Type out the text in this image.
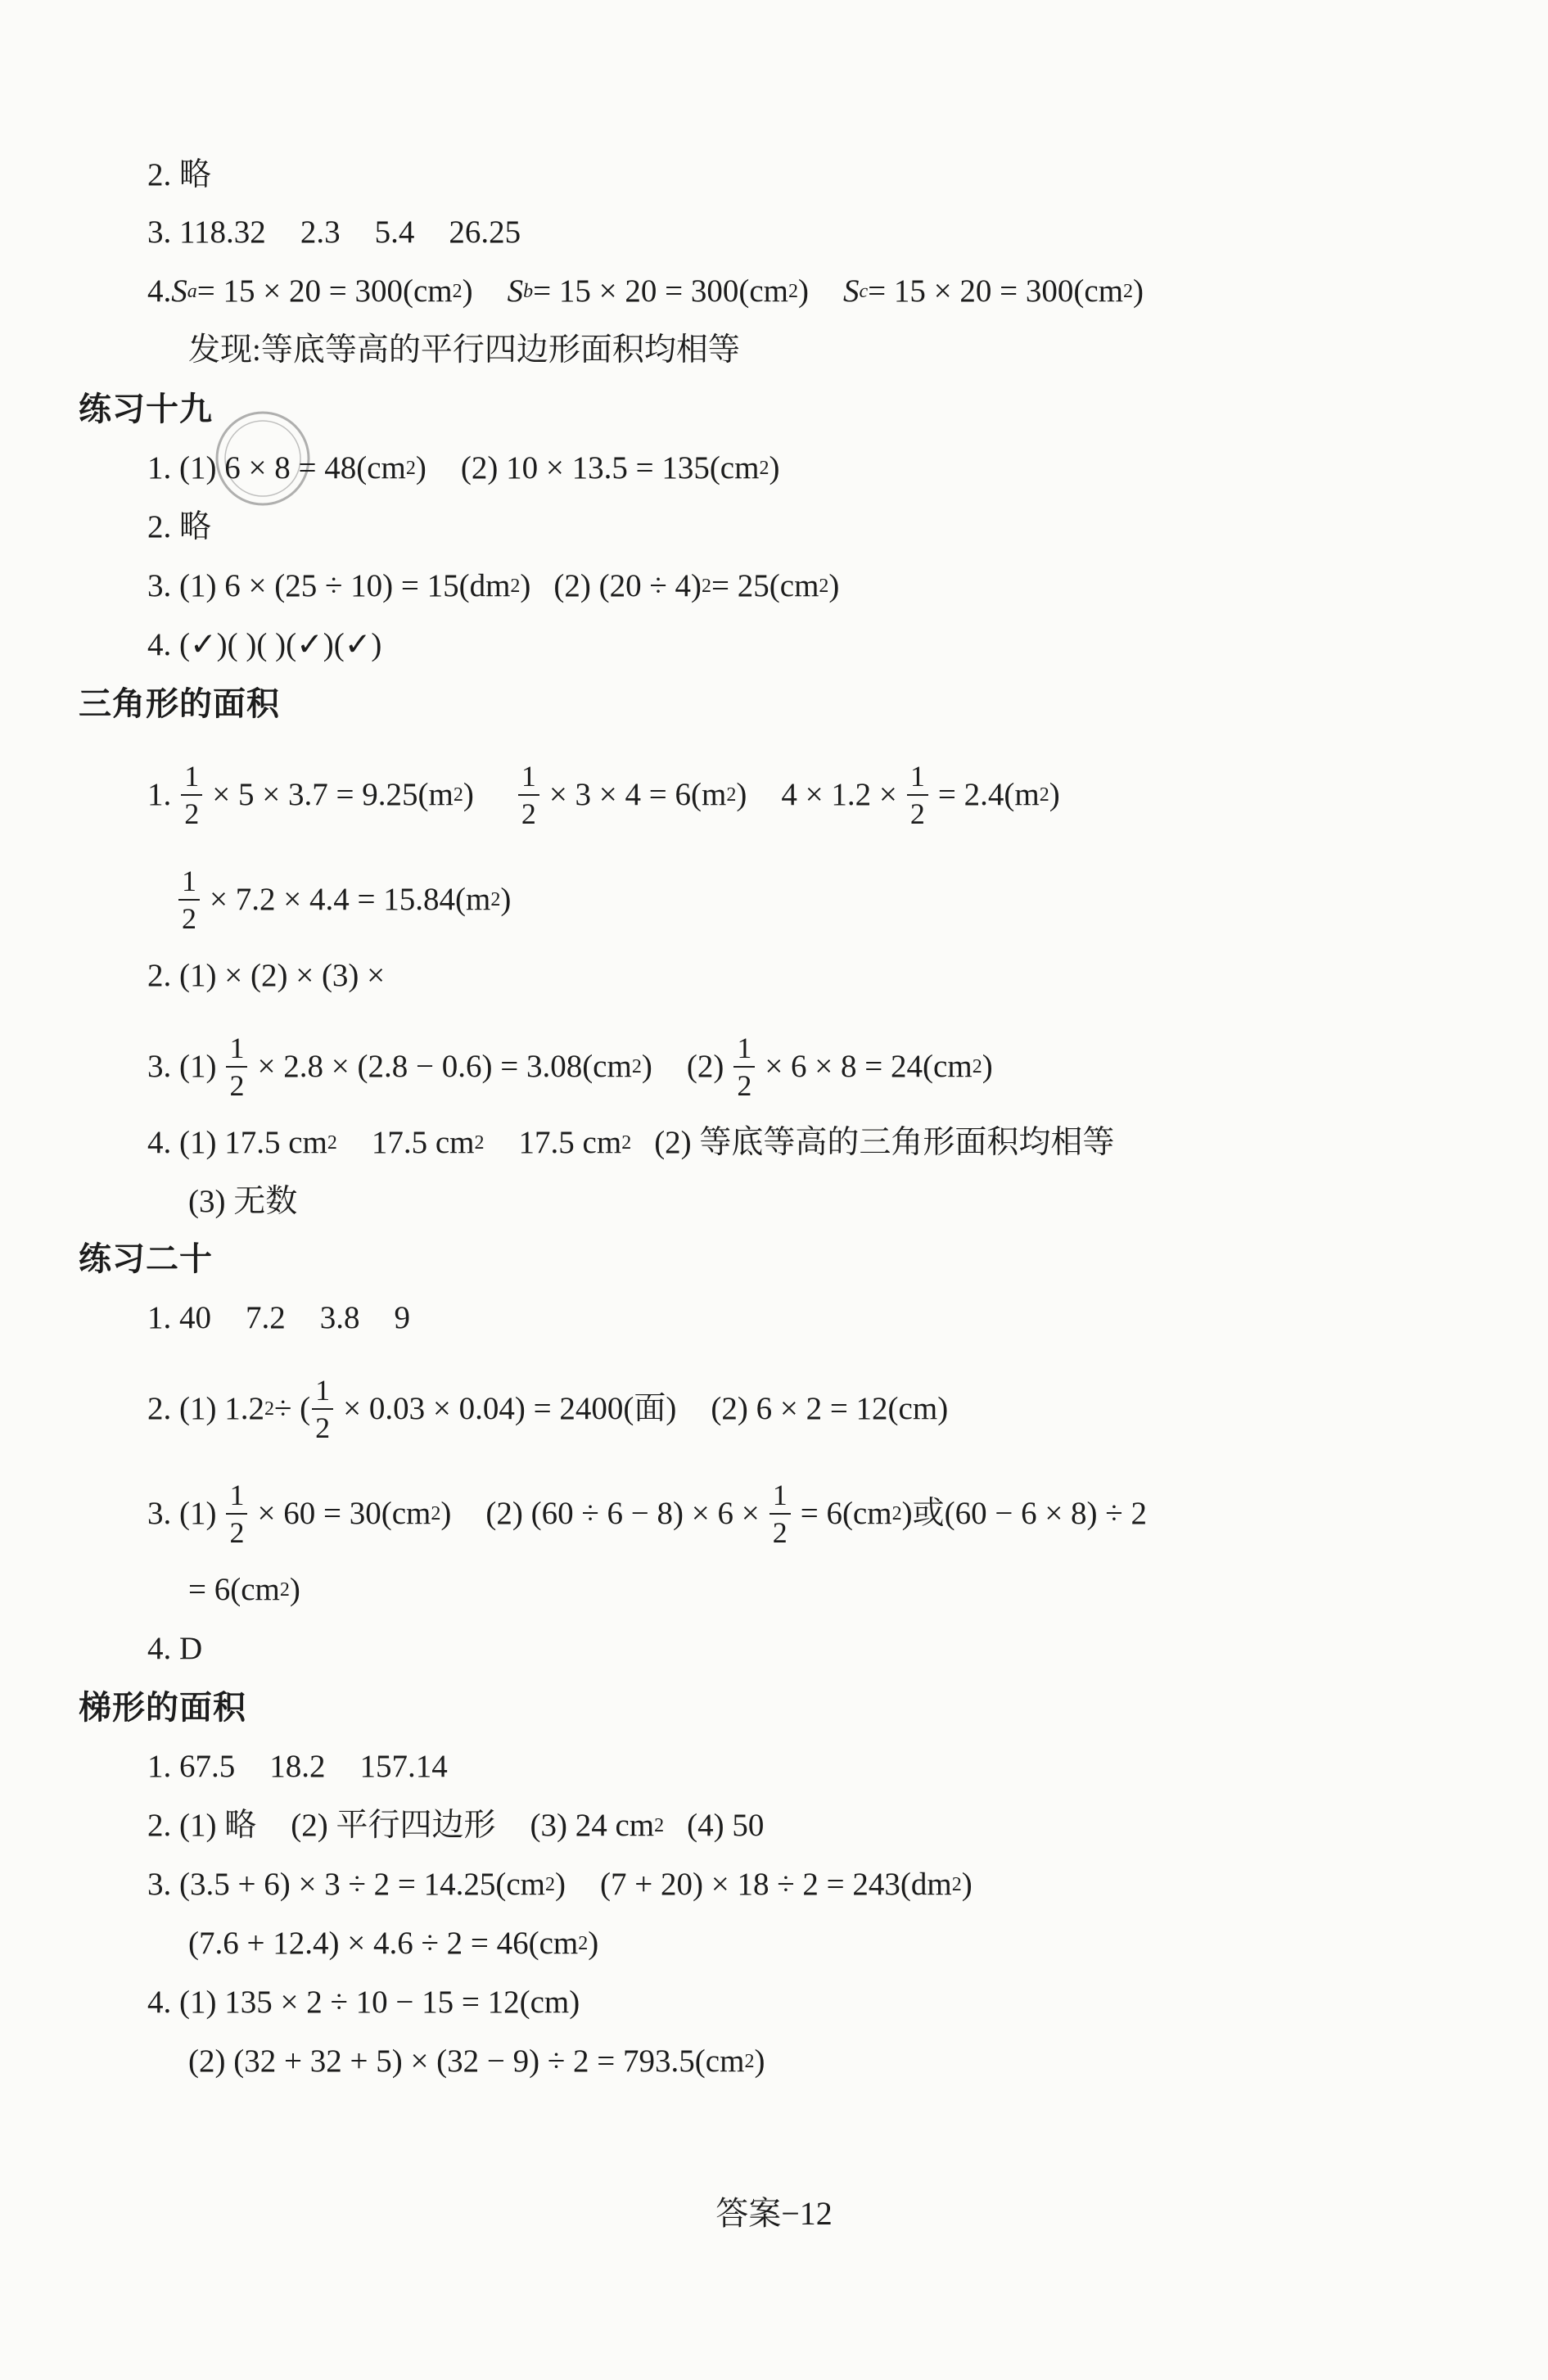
2. 略
3. 118.32 2.3 5.4 26.25
4. S a = 15 × 20 = 300(cm 2 ) S b = 15 × 20 = 300(cm 2 ) S c = 15 × 20 = 300(cm 2 )
发现:等底等高的平行四边形面积均相等
练习十九
1. (1) 6 × 8 = 48(cm 2 ) (2) 10 × 13.5 = 135(cm 2 )
2. 略
3. (1) 6 × (25 ÷ 10) = 15(dm 2 ) (2) (20 ÷ 4) 2 = 25(cm 2 )
4. (✓)( )( )(✓)(✓)
三角形的面积
1. $\frac{1}{2} \times 5 \times 3.7 = 9.25(m$ 2 ) $\frac{1}{2} \times 3 \times 4 = 6(m$ 2 ) $4 \times 1.2 \times \frac{1}{2} = 2.4(m$ 2 )
$\frac{1}{2} \times 7.2 \times 4.4 = 15.84(m$ 2 )
2. (1) × (2) × (3) ×
3. $(1) \frac{1}{2} \times 2.8 \times (2.8 - 0.6) = 3.08(cm$ 2 ) $(2) \frac{1}{2} \times 6 \times 8 = 24(cm$ 2 )
4. (1) 17.5 cm 2 17.5 cm 2 17.5 cm 2 (2) 等底等高的三角形面积均相等
(3) 无数
练习二十
1. 40 7.2 3.8 9
2. (1) 1.2 2 ÷ ( $\frac{1}{2} \times 0.03 \times 0.04) = 2400$(面) (2) 6 × 2 = 12(cm)
3. $(1) \frac{1}{2} \times 60 = 30(cm$ 2 ) (2) $(60 \div 6 - 8) \times 6 \times \frac{1}{2} = 6(cm$ 2 )或(60 − 6 × 8) ÷ 2
= 6(cm 2 )
4. D
梯形的面积
1. 67.5 18.2 157.14
2. (1) 略 (2) 平行四边形 (3) 24 cm 2 (4) 50
3. (3.5 + 6) × 3 ÷ 2 = 14.25(cm 2 ) (7 + 20) × 18 ÷ 2 = 243(dm 2 )
(7.6 + 12.4) × 4.6 ÷ 2 = 46(cm 2 )
4. (1) 135 × 2 ÷ 10 − 15 = 12(cm)
(2) (32 + 32 + 5) × (32 − 9) ÷ 2 = 793.5(cm 2 )
答案−12
